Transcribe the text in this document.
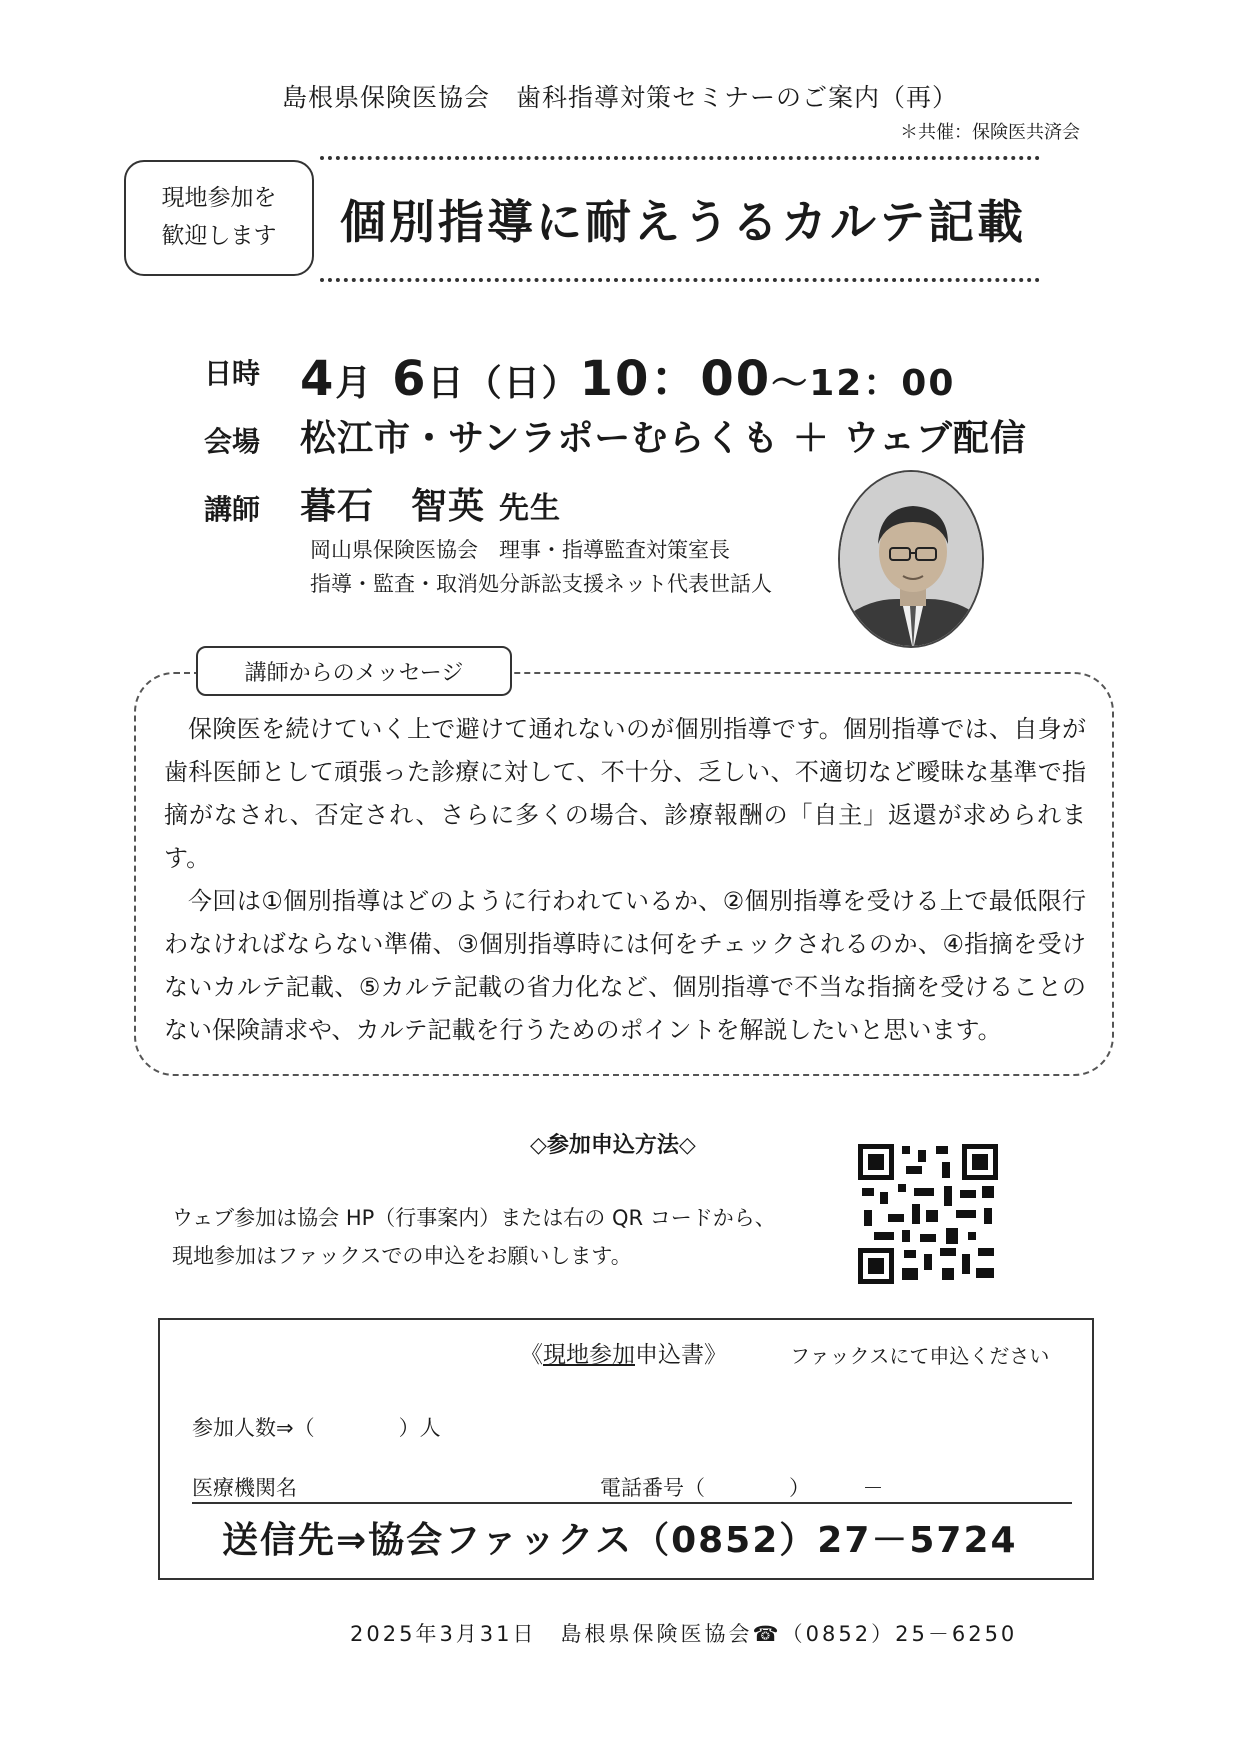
島根県保険医協会　歯科指導対策セミナーのご案内（再）
＊共催：保険医共済会
現地参加を
歓迎します 個別指導に耐えうるカルテ記載
日時 4月 6日（日）10：00～12：00
会場 松江市・サンラポーむらくも ＋ ウェブ配信
講師 暮石　智英 先生
岡山県保険医協会　理事・指導監査対策室長
指導・監査・取消処分訴訟支援ネット代表世話人
講師からのメッセージ

保険医を続けていく上で避けて通れないのが個別指導です。個別指導では、自身が歯科医師として頑張った診療に対して、不十分、乏しい、不適切など曖昧な基準で指摘がなされ、否定され、さらに多くの場合、診療報酬の「自主」返還が求められます。

今回は①個別指導はどのように行われているか、②個別指導を受ける上で最低限行わなければならない準備、③個別指導時には何をチェックされるのか、④指摘を受けないカルテ記載、⑤カルテ記載の省力化など、個別指導で不当な指摘を受けることのない保険請求や、カルテ記載を行うためのポイントを解説したいと思います。

◇参加申込方法◇
ウェブ参加は協会 HP（行事案内）または右の QR コードから、
現地参加はファックスでの申込をお願いします。
《現地参加申込書》	ファックスにて申込ください
参加人数⇒（　　　　）人
医療機関名	電話番号（　　　　）　　　－
送信先⇒協会ファックス（0852）27－5724
2025年3月31日　島根県保険医協会☎（0852）25－6250
